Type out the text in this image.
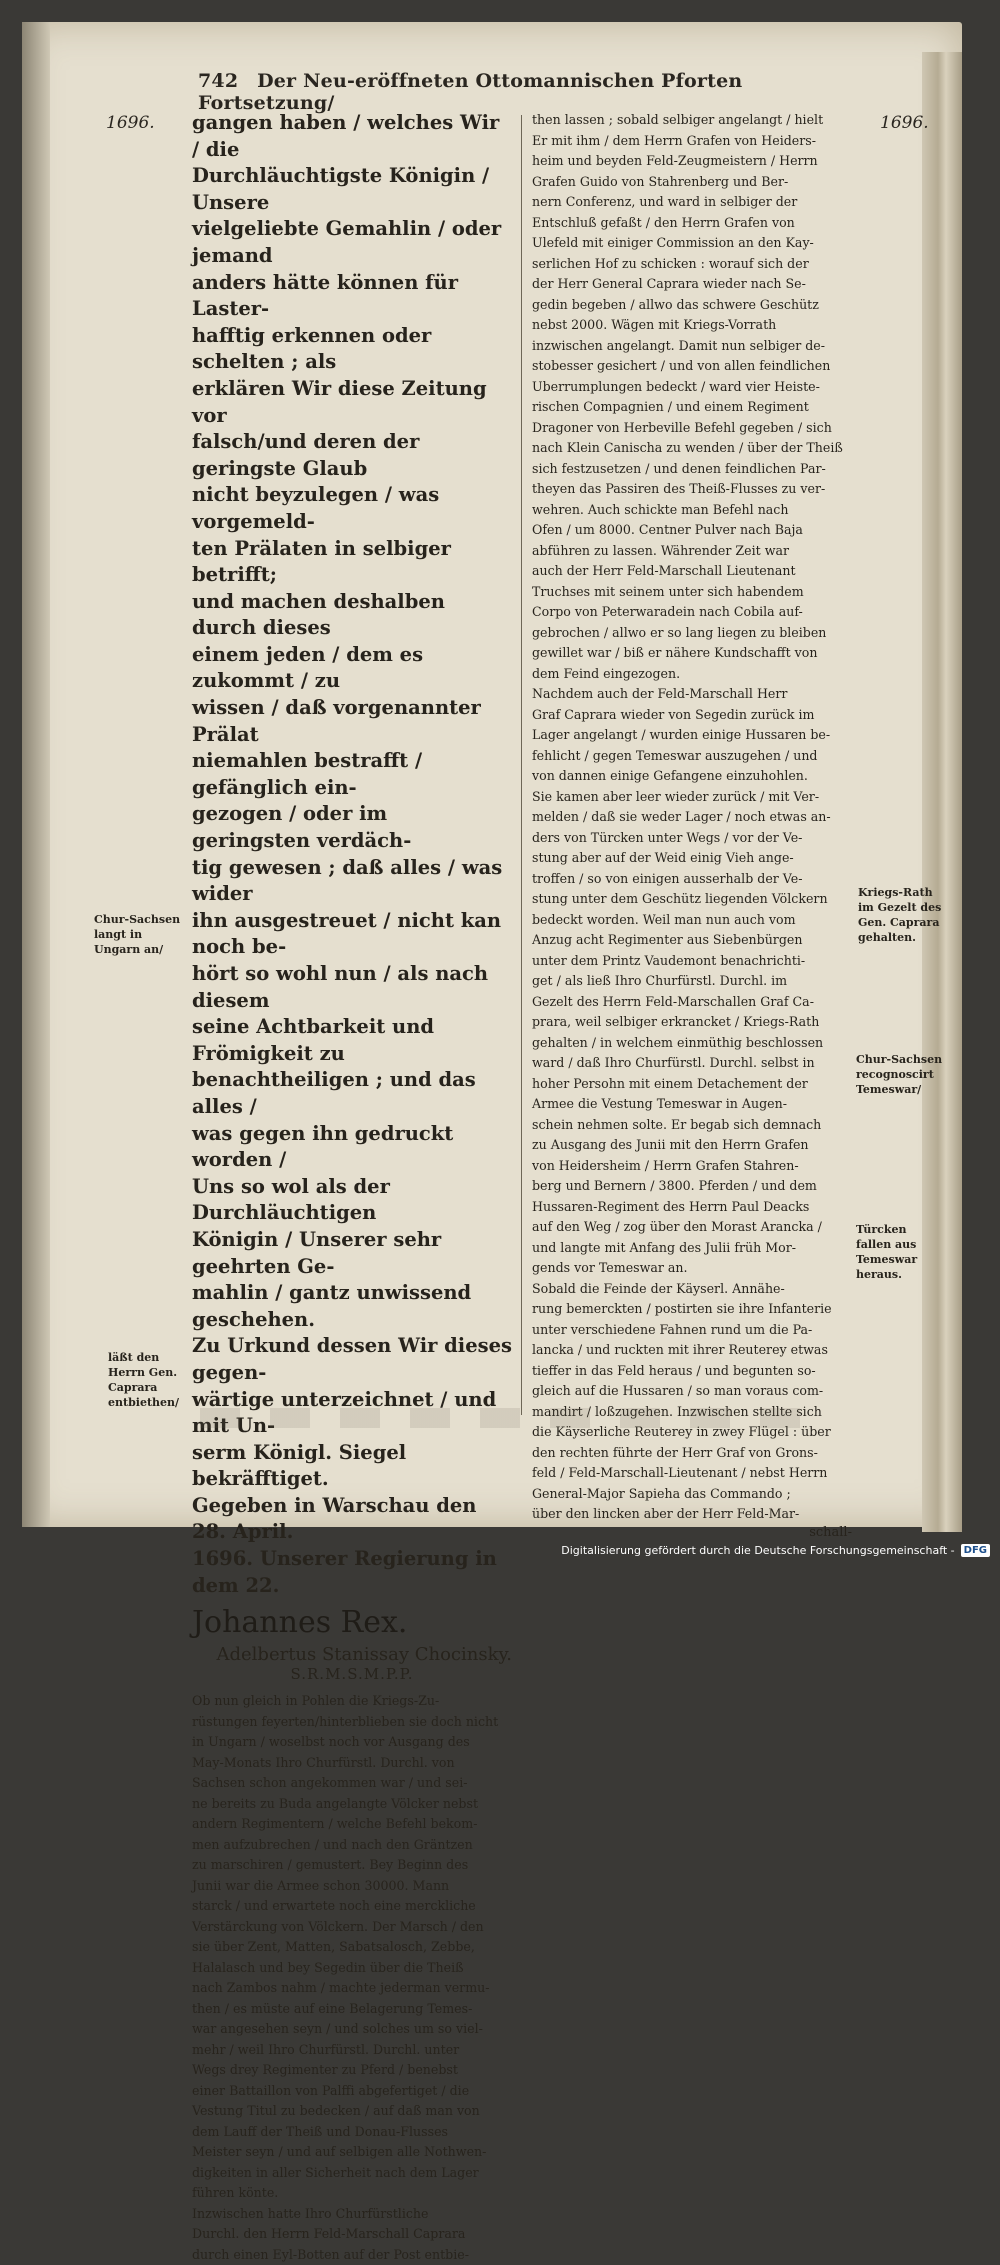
742 Der Neu-eröffneten Ottomannischen Pforten Fortsetzung/
1696.	1696.

gangen haben / welches Wir / die

Durchläuchtigste Königin / Unsere

vielgeliebte Gemahlin / oder jemand

anders hätte können für Laster-

hafftig erkennen oder schelten ; als

erklären Wir diese Zeitung vor

falsch/und deren der geringste Glaub

nicht beyzulegen / was vorgemeld-

ten Prälaten in selbiger betrifft;

und machen deshalben durch dieses

einem jeden / dem es zukommt / zu

wissen / daß vorgenannter Prälat

niemahlen bestrafft / gefänglich ein-

gezogen / oder im geringsten verdäch-

tig gewesen ; daß alles / was wider

ihn ausgestreuet / nicht kan noch be-

hört so wohl nun / als nach diesem

seine Achtbarkeit und Frömigkeit zu

benachtheiligen ; und das alles /

was gegen ihn gedruckt worden /

Uns so wol als der Durchläuchtigen

Königin / Unserer sehr geehrten Ge-

mahlin / gantz unwissend geschehen.

Zu Urkund dessen Wir dieses gegen-

wärtige unterzeichnet / und mit Un-

serm Königl. Siegel bekräfftiget.

Gegeben in Warschau den 28. April.

1696. Unserer Regierung in dem 22.

Johannes Rex.
Adelbertus Stanissay Chocinsky.
S.R.M.S.M.P.P.

Ob nun gleich in Pohlen die Kriegs-Zu-

rüstungen feyerten/hinterblieben sie doch nicht

in Ungarn / woselbst noch vor Ausgang des

May-Monats Ihro Churfürstl. Durchl. von

Sachsen schon angekommen war / und sei-

ne bereits zu Buda angelangte Völcker nebst

andern Regimentern / welche Befehl bekom-

men aufzubrechen / und nach den Gräntzen

zu marschiren / gemustert. Bey Beginn des

Junii war die Armee schon 30000. Mann

starck / und erwartete noch eine merckliche

Verstärckung von Völckern. Der Marsch / den

sie über Zent, Matten, Sabatsalosch, Zebbe,

Halalasch und bey Segedin über die Theiß

nach Zambos nahm / machte jederman vermu-

then / es müste auf eine Belagerung Temes-

war angesehen seyn / und solches um so viel-

mehr / weil Ihro Churfürstl. Durchl. unter

Wegs drey Regimenter zu Pferd / benebst

einer Battaillon von Palffi abgefertiget / die

Vestung Titul zu bedecken / auf daß man von

dem Lauff der Theiß und Donau-Flusses

Meister seyn / und auf selbigen alle Nothwen-

digkeiten in aller Sicherheit nach dem Lager

führen könte.

Inzwischen hatte Ihro Churfürstliche

Durchl. den Herrn Feld-Marschall Caprara

durch einen Eyl-Botten auf der Post entbie-

then lassen ; sobald selbiger angelangt / hielt

Er mit ihm / dem Herrn Grafen von Heiders-

heim und beyden Feld-Zeugmeistern / Herrn

Grafen Guido von Stahrenberg und Ber-

nern Conferenz, und ward in selbiger der

Entschluß gefaßt / den Herrn Grafen von

Ulefeld mit einiger Commission an den Kay-

serlichen Hof zu schicken : worauf sich der

der Herr General Caprara wieder nach Se-

gedin begeben / allwo das schwere Geschütz

nebst 2000. Wägen mit Kriegs-Vorrath

inzwischen angelangt. Damit nun selbiger de-

stobesser gesichert / und von allen feindlichen

Uberrumplungen bedeckt / ward vier Heiste-

rischen Compagnien / und einem Regiment

Dragoner von Herbeville Befehl gegeben / sich

nach Klein Canischa zu wenden / über der Theiß

sich festzusetzen / und denen feindlichen Par-

theyen das Passiren des Theiß-Flusses zu ver-

wehren. Auch schickte man Befehl nach

Ofen / um 8000. Centner Pulver nach Baja

abführen zu lassen. Währender Zeit war

auch der Herr Feld-Marschall Lieutenant

Truchses mit seinem unter sich habendem

Corpo von Peterwaradein nach Cobila auf-

gebrochen / allwo er so lang liegen zu bleiben

gewillet war / biß er nähere Kundschafft von

dem Feind eingezogen.

Nachdem auch der Feld-Marschall Herr

Graf Caprara wieder von Segedin zurück im

Lager angelangt / wurden einige Hussaren be-

fehlicht / gegen Temeswar auszugehen / und

von dannen einige Gefangene einzuhohlen.

Sie kamen aber leer wieder zurück / mit Ver-

melden / daß sie weder Lager / noch etwas an-

ders von Türcken unter Wegs / vor der Ve-

stung aber auf der Weid einig Vieh ange-

troffen / so von einigen ausserhalb der Ve-

stung unter dem Geschütz liegenden Völckern

bedeckt worden. Weil man nun auch vom

Anzug acht Regimenter aus Siebenbürgen

unter dem Printz Vaudemont benachrichti-

get / als ließ Ihro Churfürstl. Durchl. im

Gezelt des Herrn Feld-Marschallen Graf Ca-

prara, weil selbiger erkrancket / Kriegs-Rath

gehalten / in welchem einmüthig beschlossen

ward / daß Ihro Churfürstl. Durchl. selbst in

hoher Persohn mit einem Detachement der

Armee die Vestung Temeswar in Augen-

schein nehmen solte. Er begab sich demnach

zu Ausgang des Junii mit den Herrn Grafen

von Heidersheim / Herrn Grafen Stahren-

berg und Bernern / 3800. Pferden / und dem

Hussaren-Regiment des Herrn Paul Deacks

auf den Weg / zog über den Morast Arancka /

und langte mit Anfang des Julii früh Mor-

gends vor Temeswar an.

Sobald die Feinde der Käyserl. Annähe-

rung bemerckten / postirten sie ihre Infanterie

unter verschiedene Fahnen rund um die Pa-

lancka / und ruckten mit ihrer Reuterey etwas

tieffer in das Feld heraus / und begunten so-

gleich auf die Hussaren / so man voraus com-

mandirt / loßzugehen. Inzwischen stellte sich

die Käyserliche Reuterey in zwey Flügel : über

den rechten führte der Herr Graf von Grons-

feld / Feld-Marschall-Lieutenant / nebst Herrn

General-Major Sapieha das Commando ;

über den lincken aber der Herr Feld-Mar-

schall-
Chur-Sachsen langt in Ungarn an/
läßt den Herrn Gen. Caprara entbiethen/
Kriegs-Rath im Gezelt des Gen. Caprara gehalten.
Chur-Sachsen recognoscirt Temeswar/
Türcken fallen aus Temeswar heraus.
Digitalisierung gefördert durch die Deutsche Forschungsgemeinschaft - DFG
